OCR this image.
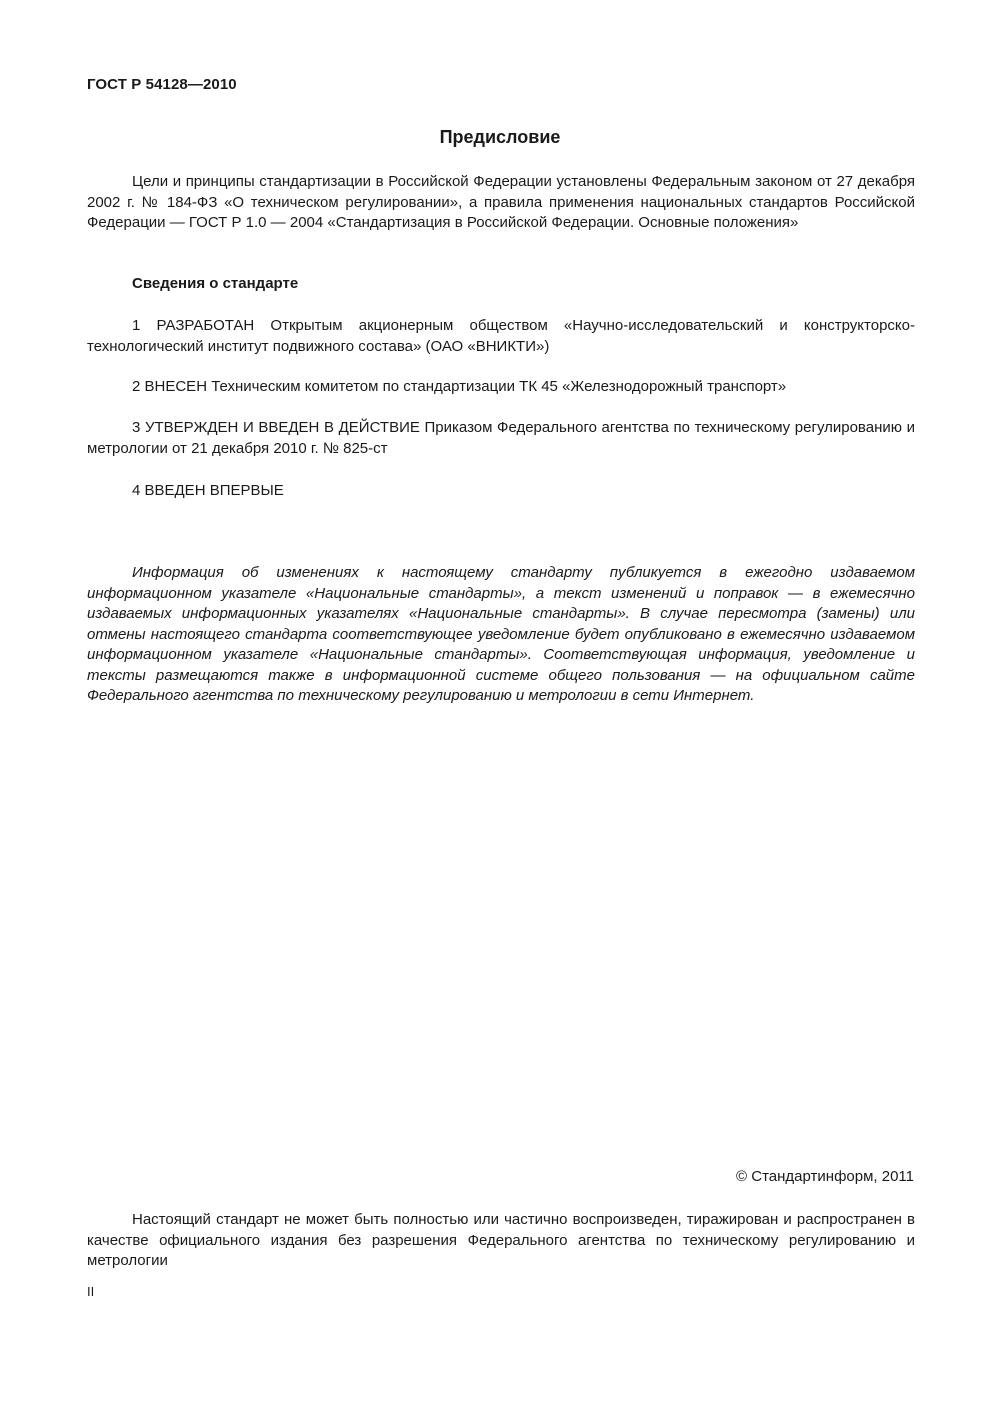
ГОСТ Р 54128—2010
Предисловие

Цели и принципы стандартизации в Российской Федерации установлены Федеральным законом от 27 декабря 2002 г. № 184-ФЗ «О техническом регулировании», а правила применения национальных стандартов Российской Федерации — ГОСТ Р 1.0 — 2004 «Стандартизация в Российской Федерации. Основные положения»

Сведения о стандарте

1 РАЗРАБОТАН Открытым акционерным обществом «Научно-исследовательский и конструкторско-технологический институт подвижного состава» (ОАО «ВНИКТИ»)

2 ВНЕСЕН Техническим комитетом по стандартизации ТК 45 «Железнодорожный транспорт»

3 УТВЕРЖДЕН И ВВЕДЕН В ДЕЙСТВИЕ Приказом Федерального агентства по техническому регулированию и метрологии от 21 декабря 2010 г. № 825-ст

4 ВВЕДЕН ВПЕРВЫЕ

Информация об изменениях к настоящему стандарту публикуется в ежегодно издаваемом информационном указателе «Национальные стандарты», а текст изменений и поправок — в ежемесячно издаваемых информационных указателях «Национальные стандарты». В случае пересмотра (замены) или отмены настоящего стандарта соответствующее уведомление будет опубликовано в ежемесячно издаваемом информационном указателе «Национальные стандарты». Соответствующая информация, уведомление и тексты размещаются также в информационной системе общего пользования — на официальном сайте Федерального агентства по техническому регулированию и метрологии в сети Интернет.

© Стандартинформ, 2011

Настоящий стандарт не может быть полностью или частично воспроизведен, тиражирован и распространен в качестве официального издания без разрешения Федерального агентства по техническому регулированию и метрологии

II
